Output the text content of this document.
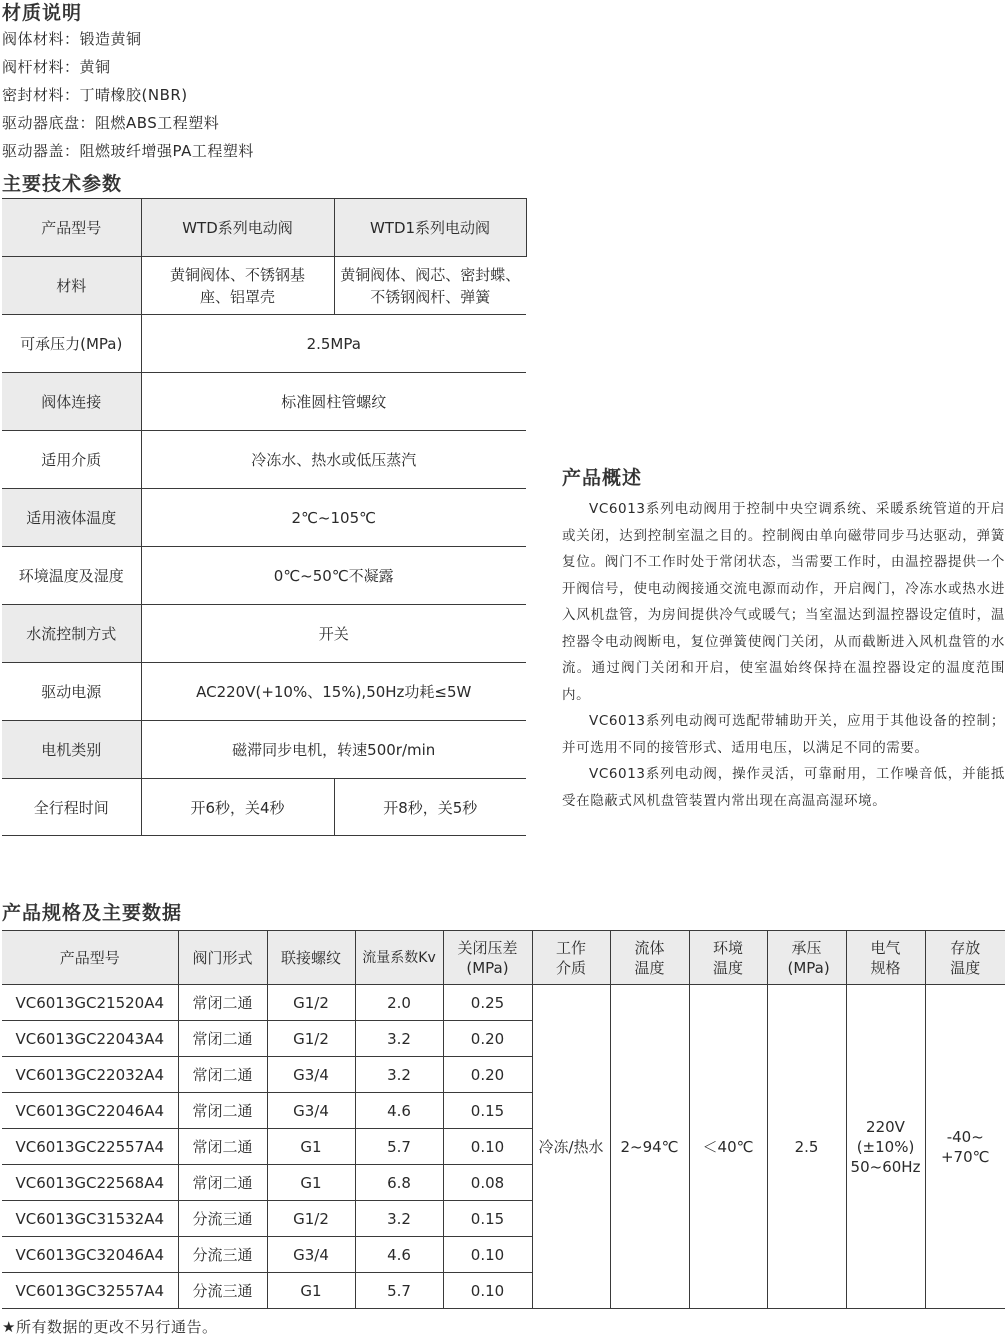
材质说明
阀体材料：锻造黄铜
阀杆材料：黄铜
密封材料：丁晴橡胶(NBR)
驱动器底盘：阻燃ABS工程塑料
驱动器盖：阻燃玻纤增强PA工程塑料
主要技术参数
产品型号	WTD系列电动阀	WTD1系列电动阀
材料	黄铜阀体、不锈钢基座、铝罩壳	黄铜阀体、阀芯、密封蝶、不锈钢阀杆、弹簧
可承压力(MPa)	2.5MPa	
阀体连接	标准圆柱管螺纹	
适用介质	冷冻水、热水或低压蒸汽	
适用液体温度	2℃~105℃	
环境温度及湿度	0℃~50℃不凝露	
水流控制方式	开关	
驱动电源	AC220V(+10%、15%),50Hz功耗≤5W	
电机类别	磁滞同步电机，转速500r/min	
全行程时间	开6秒，关4秒	开8秒，关5秒
产品概述

VC6013系列电动阀用于控制中央空调系统、采暖系统管道的开启或关闭，达到控制室温之目的。控制阀由单向磁带同步马达驱动，弹簧复位。阀门不工作时处于常闭状态，当需要工作时，由温控器提供一个开阀信号，使电动阀接通交流电源而动作，开启阀门，冷冻水或热水进入风机盘管，为房间提供冷气或暖气；当室温达到温控器设定值时，温控器令电动阀断电，复位弹簧使阀门关闭，从而截断进入风机盘管的水流。通过阀门关闭和开启，使室温始终保持在温控器设定的温度范围内。

VC6013系列电动阀可选配带辅助开关，应用于其他设备的控制；并可选用不同的接管形式、适用电压，以满足不同的需要。

VC6013系列电动阀，操作灵活，可靠耐用，工作噪音低，并能抵受在隐蔽式风机盘管装置内常出现在高温高湿环境。

产品规格及主要数据
产品型号	阀门形式	联接螺纹	流量系数Kv	关闭压差(MPa)	工作介质	流体温度	环境温度	承压(MPa)	电气规格	存放温度
VC6013GC21520A4	常闭二通	G1/2	2.0	0.25	冷冻/热水	2~94℃	＜40℃	2.5	220V (±10%) 50~60Hz	-40~ +70℃
VC6013GC22043A4	常闭二通	G1/2	3.2	0.20						
VC6013GC22032A4	常闭二通	G3/4	3.2	0.20						
VC6013GC22046A4	常闭二通	G3/4	4.6	0.15						
VC6013GC22557A4	常闭二通	G1	5.7	0.10						
VC6013GC22568A4	常闭二通	G1	6.8	0.08						
VC6013GC31532A4	分流三通	G1/2	3.2	0.15						
VC6013GC32046A4	分流三通	G3/4	4.6	0.10						
VC6013GC32557A4	分流三通	G1	5.7	0.10						
★所有数据的更改不另行通告。
